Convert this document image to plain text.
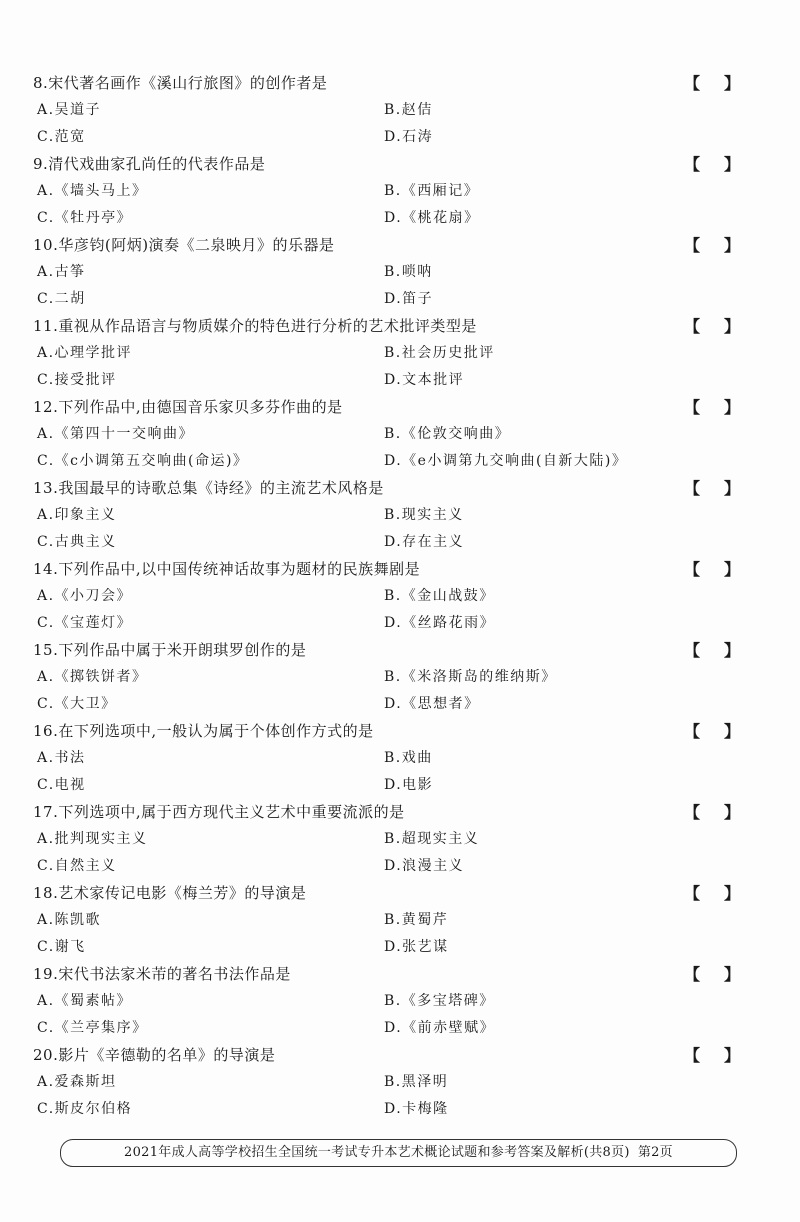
8.宋代著名画作《溪山行旅图》的创作者是	【 】
A.吴道子	B.赵佶
C.范宽	D.石涛
9.清代戏曲家孔尚任的代表作品是	【 】
A.《墙头马上》	B.《西厢记》
C.《牡丹亭》	D.《桃花扇》
10.华彦钧(阿炳)演奏《二泉映月》的乐器是	【 】
A.古筝	B.唢呐
C.二胡	D.笛子
11.重视从作品语言与物质媒介的特色进行分析的艺术批评类型是	【 】
A.心理学批评	B.社会历史批评
C.接受批评	D.文本批评
12.下列作品中,由德国音乐家贝多芬作曲的是	【 】
A.《第四十一交响曲》	B.《伦敦交响曲》
C.《c小调第五交响曲(命运)》	D.《e小调第九交响曲(自新大陆)》
13.我国最早的诗歌总集《诗经》的主流艺术风格是	【 】
A.印象主义	B.现实主义
C.古典主义	D.存在主义
14.下列作品中,以中国传统神话故事为题材的民族舞剧是	【 】
A.《小刀会》	B.《金山战鼓》
C.《宝莲灯》	D.《丝路花雨》
15.下列作品中属于米开朗琪罗创作的是	【 】
A.《掷铁饼者》	B.《米洛斯岛的维纳斯》
C.《大卫》	D.《思想者》
16.在下列选项中,一般认为属于个体创作方式的是	【 】
A.书法	B.戏曲
C.电视	D.电影
17.下列选项中,属于西方现代主义艺术中重要流派的是	【 】
A.批判现实主义	B.超现实主义
C.自然主义	D.浪漫主义
18.艺术家传记电影《梅兰芳》的导演是	【 】
A.陈凯歌	B.黄蜀芹
C.谢飞	D.张艺谋
19.宋代书法家米芾的著名书法作品是	【 】
A.《蜀素帖》	B.《多宝塔碑》
C.《兰亭集序》	D.《前赤壁赋》
20.影片《辛德勒的名单》的导演是	【 】
A.爱森斯坦	B.黑泽明
C.斯皮尔伯格	D.卡梅隆
2021年成人高等学校招生全国统一考试专升本艺术概论试题和参考答案及解析(共8页) 第2页
